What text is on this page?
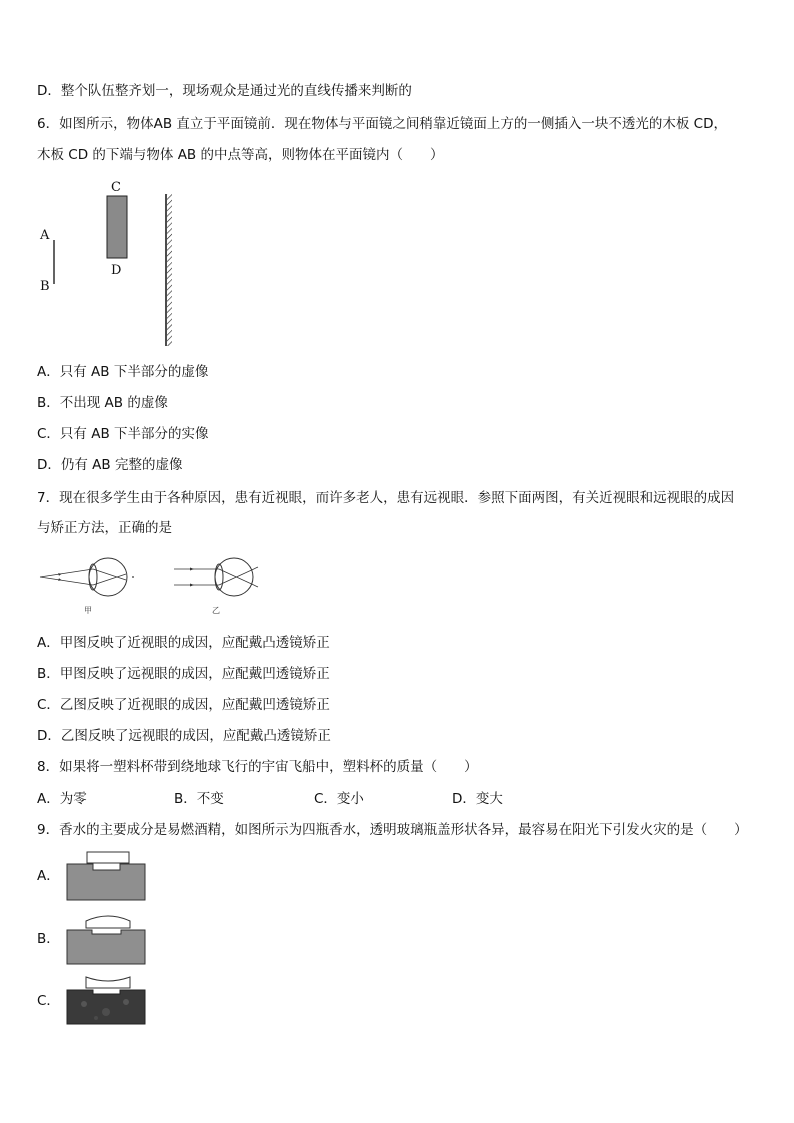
D．整个队伍整齐划一，现场观众是通过光的直线传播来判断的
6．如图所示，物体AB 直立于平面镜前．现在物体与平面镜之间稍靠近镜面上方的一侧插入一块不透光的木板 CD，
木板 CD 的下端与物体 AB 的中点等高，则物体在平面镜内（　　）
A
B
C
D
A．只有 AB 下半部分的虚像
B．不出现 AB 的虚像
C．只有 AB 下半部分的实像
D．仍有 AB 完整的虚像
7．现在很多学生由于各种原因，患有近视眼，而许多老人，患有远视眼．参照下面两图，有关近视眼和远视眼的成因
与矫正方法，正确的是
甲	乙
A．甲图反映了近视眼的成因，应配戴凸透镜矫正
B．甲图反映了远视眼的成因，应配戴凹透镜矫正
C．乙图反映了近视眼的成因，应配戴凹透镜矫正
D．乙图反映了远视眼的成因，应配戴凸透镜矫正
8．如果将一塑料杯带到绕地球飞行的宇宙飞船中，塑料杯的质量（　　）
A．为零	B．不变	C．变小	D．变大
9．香水的主要成分是易燃酒精，如图所示为四瓶香水，透明玻璃瓶盖形状各异，最容易在阳光下引发火灾的是（　　）
A．
B．
C．
